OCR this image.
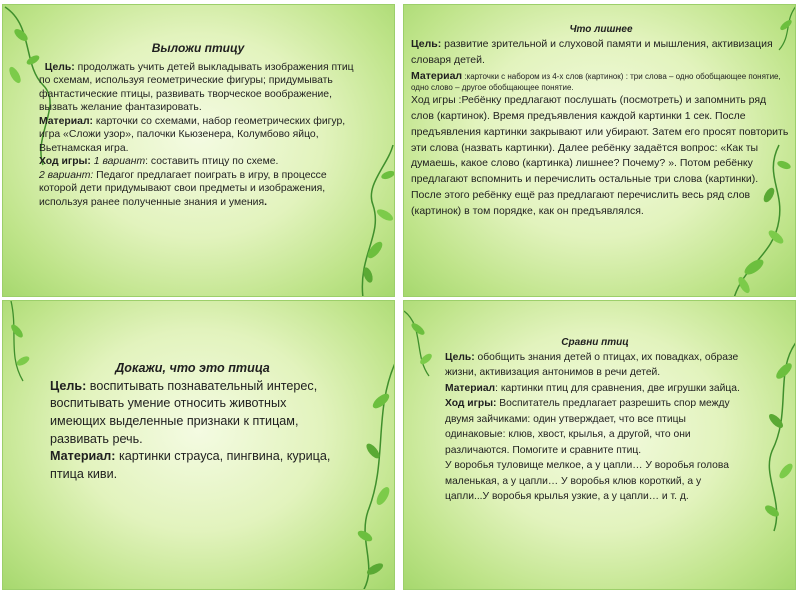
Выложи птицу

Цель: продолжать учить детей выкладывать изображения птиц по схемам, используя геометрические фигуры; придумывать фантастические птицы, развивать творческое воображение, вызвать желание фантазировать.

Материал: карточки со схемами, набор геометрических фигур, игра «Сложи узор», палочки Кьюзенера, Колумбово яйцо, Вьетнамская игра.

Ход игры: 1 вариант: составить птицу по схеме.
2 вариант: Педагог предлагает поиграть в игру, в процессе которой дети придумывают свои предметы и изображения, используя ранее полученные знания и умения.

Что лишнее

Цель: развитие зрительной и слуховой памяти и мышления, активизация словаря детей.

Материал :карточки с набором из 4-х слов (картинок) : три слова – одно обобщающее понятие, одно слово – другое обобщающее понятие.

Ход игры :Ребёнку предлагают послушать (посмотреть) и запомнить ряд слов (картинок). Время предъявления каждой картинки 1 сек. После предъявления картинки закрывают или убирают. Затем его просят повторить эти слова (назвать картинки). Далее ребёнку задаётся вопрос: «Как ты думаешь, какое слово (картинка) лишнее? Почему? ». Потом ребёнку предлагают вспомнить и перечислить остальные три слова (картинки). После этого ребёнку ещё раз предлагают перечислить весь ряд слов (картинок) в том порядке, как он предъявлялся.

Докажи, что это птица

Цель: воспитывать познавательный интерес, воспитывать умение относить животных имеющих выделенные признаки к птицам, развивать речь.

Материал: картинки страуса, пингвина, курица, птица киви.

Сравни птиц

Цель: обобщить знания детей о птицах, их повадках, образе жизни, активизация антонимов в речи детей.

Материал: картинки птиц для сравнения, две игрушки зайца.

Ход игры: Воспитатель предлагает разрешить спор между двумя зайчиками: один утверждает, что все птицы одинаковые: клюв, хвост, крылья, а другой, что они различаются. Помогите и сравните птиц.

У воробья туловище мелкое, а у цапли… У воробья голова маленькая, а у цапли… У воробья клюв короткий, а у цапли...У воробья крылья узкие, а у цапли… и т. д.
